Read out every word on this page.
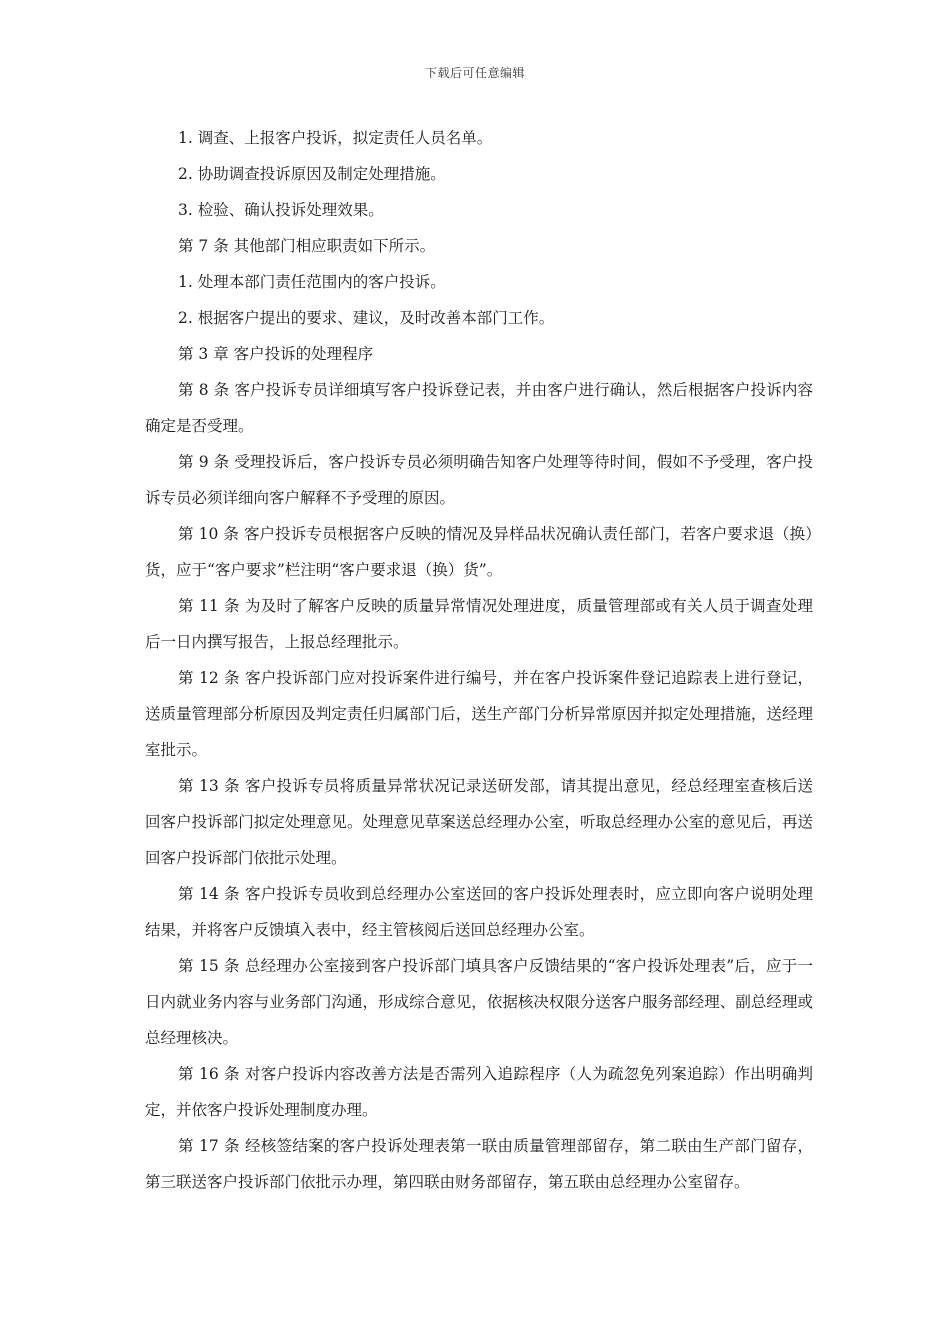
下载后可任意编辑

1. 调查、上报客户投诉，拟定责任人员名单。

2. 协助调查投诉原因及制定处理措施。

3. 检验、确认投诉处理效果。

第 7 条 其他部门相应职责如下所示。

1. 处理本部门责任范围内的客户投诉。

2. 根据客户提出的要求、建议，及时改善本部门工作。

第 3 章 客户投诉的处理程序

第 8 条 客户投诉专员详细填写客户投诉登记表，并由客户进行确认，然后根据客户投诉内容确定是否受理。

第 9 条 受理投诉后，客户投诉专员必须明确告知客户处理等待时间，假如不予受理，客户投诉专员必须详细向客户解释不予受理的原因。

第 10 条 客户投诉专员根据客户反映的情况及异样品状况确认责任部门，若客户要求退（换）货，应于“客户要求”栏注明“客户要求退（换）货”。

第 11 条 为及时了解客户反映的质量异常情况处理进度，质量管理部或有关人员于调查处理后一日内撰写报告，上报总经理批示。

第 12 条 客户投诉部门应对投诉案件进行编号，并在客户投诉案件登记追踪表上进行登记，送质量管理部分析原因及判定责任归属部门后，送生产部门分析异常原因并拟定处理措施，送经理室批示。

第 13 条 客户投诉专员将质量异常状况记录送研发部，请其提出意见，经总经理室查核后送回客户投诉部门拟定处理意见。处理意见草案送总经理办公室，听取总经理办公室的意见后，再送回客户投诉部门依批示处理。

第 14 条 客户投诉专员收到总经理办公室送回的客户投诉处理表时，应立即向客户说明处理结果，并将客户反馈填入表中，经主管核阅后送回总经理办公室。

第 15 条 总经理办公室接到客户投诉部门填具客户反馈结果的“客户投诉处理表”后，应于一日内就业务内容与业务部门沟通，形成综合意见，依据核决权限分送客户服务部经理、副总经理或总经理核决。

第 16 条 对客户投诉内容改善方法是否需列入追踪程序（人为疏忽免列案追踪）作出明确判定，并依客户投诉处理制度办理。

第 17 条 经核签结案的客户投诉处理表第一联由质量管理部留存，第二联由生产部门留存，第三联送客户投诉部门依批示办理，第四联由财务部留存，第五联由总经理办公室留存。
